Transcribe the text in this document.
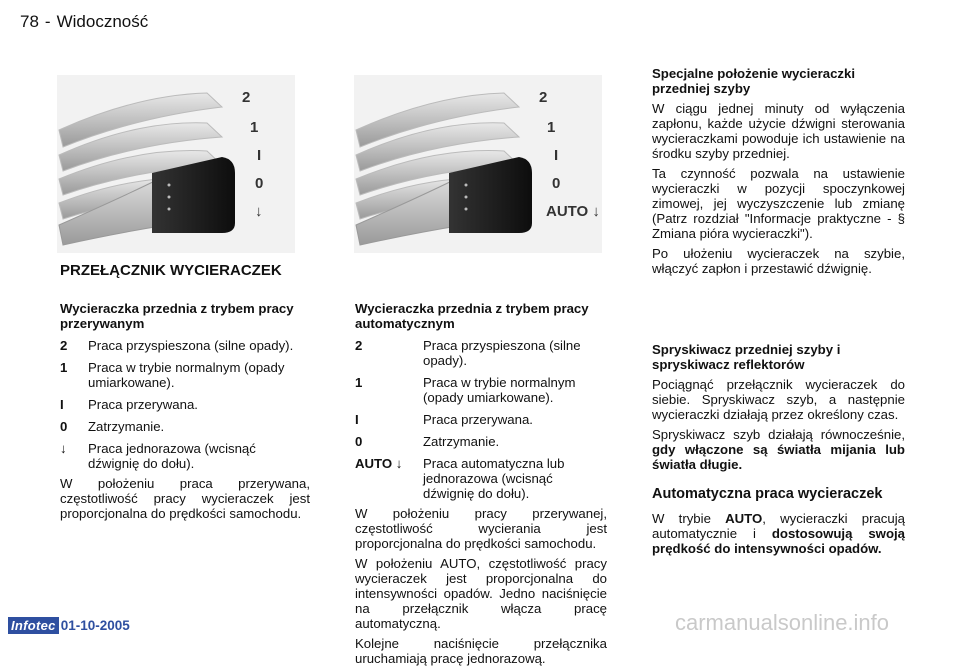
78 - Widoczność
2
1
I
0
↓
2
1
I
0
AUTO ↓
PRZEŁĄCZNIK WYCIERACZEK
Wycieraczka przednia z trybem pracy przerywanym
2	Praca przyspieszona (silne opady).
1	Praca w trybie normalnym (opady umiarkowane).
I	Praca przerywana.
0	Zatrzymanie.
↓	Praca jednorazowa (wcisnąć dźwignię do dołu).

W położeniu praca przerywana, częstotliwość pracy wycieraczek jest proporcjonalna do prędkości samochodu.

Wycieraczka przednia z trybem pracy automatycznym
2	Praca przyspieszona (silne opady).
1	Praca w trybie normalnym (opady umiarkowane).
I	Praca przerywana.
0	Zatrzymanie.
AUTO ↓	Praca automatyczna lub jednorazowa (wcisnąć dźwignię do dołu).

W położeniu pracy przerywanej, częstotliwość wycierania jest proporcjonalna do prędkości samochodu.

W położeniu AUTO, częstotliwość pracy wycieraczek jest proporcjonalna do intensywności opadów. Jedno naciśnięcie na przełącznik włącza pracę automatyczną.

Kolejne naciśnięcie przełącznika uruchamiają pracę jednorazową.

Specjalne położenie wycieraczki przedniej szyby

W ciągu jednej minuty od wyłączenia zapłonu, każde użycie dźwigni sterowania wycieraczkami powoduje ich ustawienie na środku szyby przedniej.

Ta czynność pozwala na ustawienie wycieraczki w pozycji spoczynkowej zimowej, jej wyczyszczenie lub zmianę (Patrz rozdział "Informacje praktyczne - § Zmiana pióra wycieraczki").

Po ułożeniu wycieraczek na szybie, włączyć zapłon i przestawić dźwignię.

Spryskiwacz przedniej szyby i spryskiwacz reflektorów

Pociągnąć przełącznik wycieraczek do siebie. Spryskiwacz szyb, a następnie wycieraczki działają przez określony czas.

Spryskiwacz szyb działają równocześnie, gdy włączone są światła mijania lub światła długie.

Automatyczna praca wycieraczek

W trybie AUTO, wycieraczki pracują automatycznie i dostosowują swoją prędkość do intensywności opadów.

Infotec 01-10-2005	carmanualsonline.info
